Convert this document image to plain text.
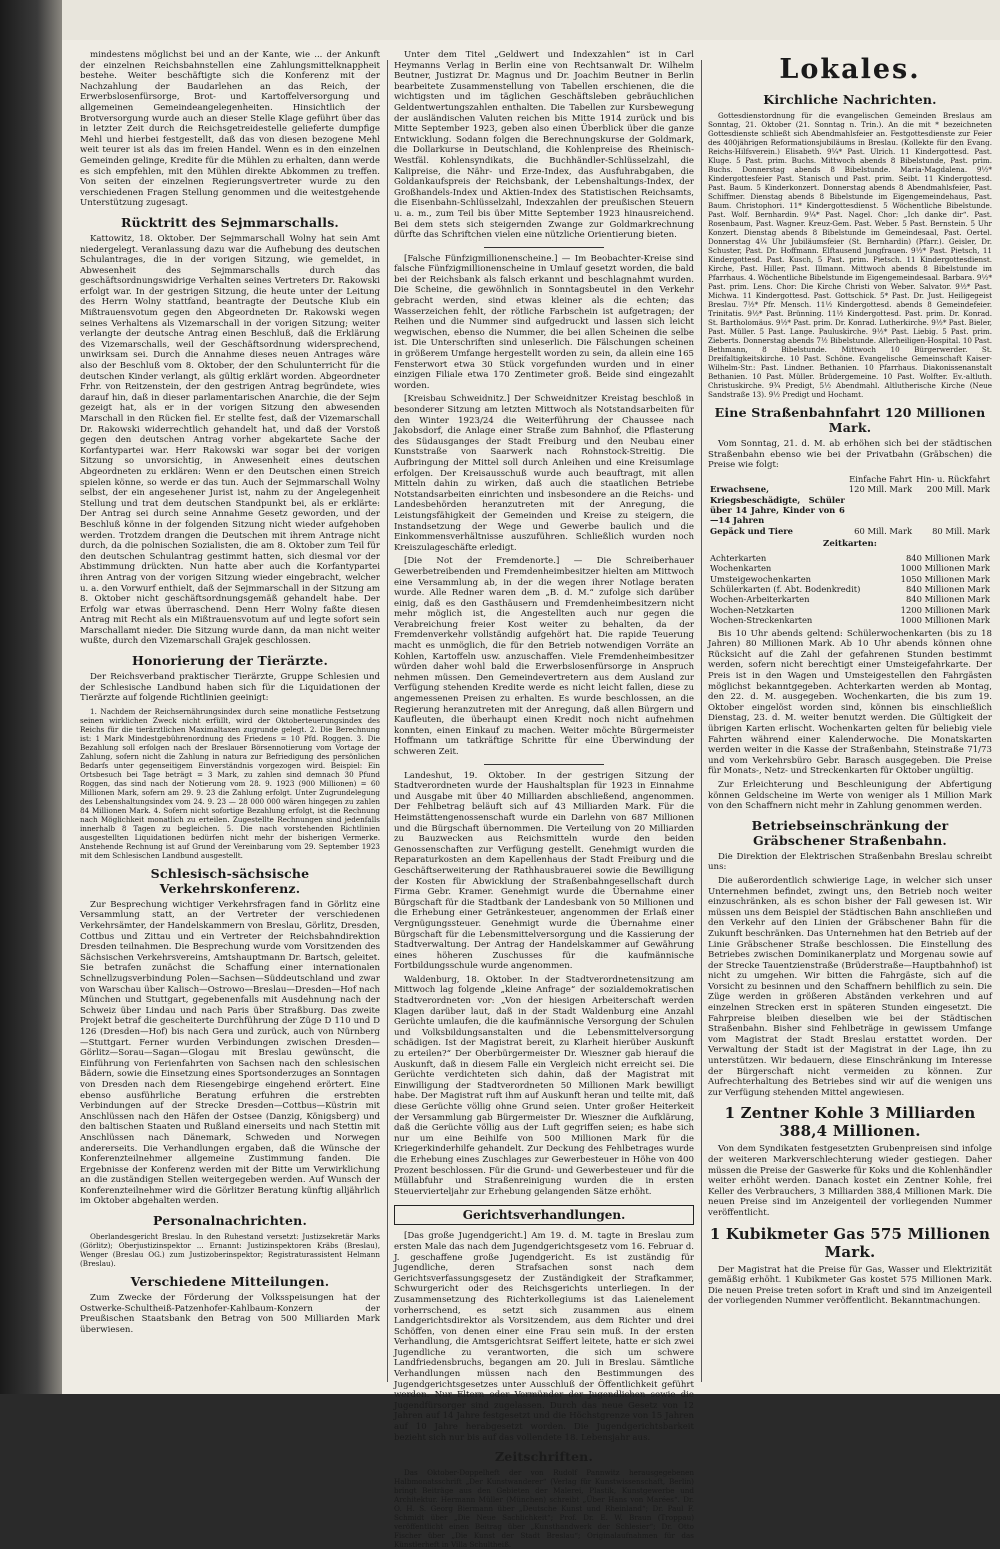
mindestens möglichst bei und an der Kante, wie ... der Ankunft der einzelnen Reichsbahnstellen eine Zahlungsmittelknappheit bestehe. Weiter beschäftigte sich die Konferenz mit der Nachzahlung der Baudarlehen an das Reich, der Erwerbslosenfürsorge, Brot- und Kartoffelversorgung und allgemeinen Gemeindeangelegenheiten. Hinsichtlich der Brotversorgung wurde auch an dieser Stelle Klage geführt über das in letzter Zeit durch die Reichsgetreidestelle gelieferte dumpfige Mehl und hierbei festgestellt, daß das von diesen bezogene Mehl weit teurer ist als das im freien Handel. Wenn es in den einzelnen Gemeinden gelinge, Kredite für die Mühlen zu erhalten, dann werde es sich empfehlen, mit den Mühlen direkte Abkommen zu treffen. Von seiten der einzelnen Regierungsvertreter wurde zu den verschiedenen Fragen Stellung genommen und die weitestgehende Unterstützung zugesagt.

Rücktritt des Sejmmarschalls.

Kattowitz, 18. Oktober. Der Sejmmarschall Wolny hat sein Amt niedergelegt. Veranlassung dazu war die Aufhebung des deutschen Schulantrages, die in der vorigen Sitzung, wie gemeldet, in Abwesenheit des Sejmmarschalls durch das geschäftsordnungswidrige Verhalten seines Vertreters Dr. Rakowski erfolgt war. In der gestrigen Sitzung, die heute unter der Leitung des Herrn Wolny stattfand, beantragte der Deutsche Klub ein Mißtrauensvotum gegen den Abgeordneten Dr. Rakowski wegen seines Verhaltens als Vizemarschall in der vorigen Sitzung; weiter verlangte der deutsche Antrag einen Beschluß, daß die Erklärung des Vizemarschalls, weil der Geschäftsordnung widersprechend, unwirksam sei. Durch die Annahme dieses neuen Antrages wäre also der Beschluß vom 8. Oktober, der den Schulunterricht für die deutschen Kinder verlangt, als gültig erklärt worden. Abgeordneter Frhr. von Reitzenstein, der den gestrigen Antrag begründete, wies darauf hin, daß in dieser parlamentarischen Anarchie, die der Sejm gezeigt hat, als er in der vorigen Sitzung den abwesenden Marschall in den Rücken fiel. Er stellte fest, daß der Vizemarschall Dr. Rakowski widerrechtlich gehandelt hat, und daß der Vorstoß gegen den deutschen Antrag vorher abgekartete Sache der Korfantypartei war. Herr Rakowski war sogar bei der vorigen Sitzung so unvorsichtig, in Anwesenheit eines deutschen Abgeordneten zu erklären: Wenn er den Deutschen einen Streich spielen könne, so werde er das tun. Auch der Sejmmarschall Wolny selbst, der ein angesehener Jurist ist, nahm zu der Angelegenheit Stellung und trat dem deutschen Standpunkt bei, als er erklärte: Der Antrag sei durch seine Annahme Gesetz geworden, und der Beschluß könne in der folgenden Sitzung nicht wieder aufgehoben werden. Trotzdem drangen die Deutschen mit ihrem Antrage nicht durch, da die polnischen Sozialisten, die am 8. Oktober zum Teil für den deutschen Schulantrag gestimmt hatten, sich diesmal vor der Abstimmung drückten. Nun hatte aber auch die Korfantypartei ihren Antrag von der vorigen Sitzung wieder eingebracht, welcher u. a. den Vorwurf enthielt, daß der Sejmmarschall in der Sitzung am 8. Oktober nicht geschäftsordnungsgemäß gehandelt habe. Der Erfolg war etwas überraschend. Denn Herr Wolny faßte diesen Antrag mit Recht als ein Mißtrauensvotum auf und legte sofort sein Marschallamt nieder. Die Sitzung wurde dann, da man nicht weiter wußte, durch den Vizemarschall Grajek geschlossen.

Honorierung der Tierärzte.

Der Reichsverband praktischer Tierärzte, Gruppe Schlesien und der Schlesische Landbund haben sich für die Liquidationen der Tierärzte auf folgende Richtlinien geeinigt:

1. Nachdem der Reichsernährungsindex durch seine monatliche Festsetzung seinen wirklichen Zweck nicht erfüllt, wird der Oktoberteuerungsindex des Reichs für die tierärztlichen Maximaltaxen zugrunde gelegt. 2. Die Berechnung ist: 1 Mark Mindestgebührenordnung des Friedens = 10 Pfd. Roggen. 3. Die Bezahlung soll erfolgen nach der Breslauer Börsennotierung vom Vortage der Zahlung, sofern nicht die Zahlung in natura zur Befriedigung des persönlichen Bedarfs unter gegenseitigem Einverständnis vorgezogen wird. Beispiel: Ein Ortsbesuch bei Tage beträgt = 3 Mark, zu zahlen sind demnach 30 Pfund Roggen, das sind nach der Notierung vom 28. 9. 1923 (900 Millionen) = 60 Millionen Mark, sofern am 29. 9. 23 die Zahlung erfolgt. Unter Zugrundelegung des Lebenshaltungsindex vom 24. 9. 23 — 28 000 000 wären hingegen zu zahlen 84 Millionen Mark. 4. Sofern nicht sofortige Bezahlung erfolgt, ist die Rechnung nach Möglichkeit monatlich zu erteilen. Zugestellte Rechnungen sind jedenfalls innerhalb 8 Tagen zu begleichen. 5. Die nach vorstehenden Richtlinien ausgestellten Liquidationen bedürfen nicht mehr der bisherigen Vermerke. Anstehende Rechnung ist auf Grund der Vereinbarung vom 29. September 1923 mit dem Schlesischen Landbund ausgestellt.

Schlesisch-sächsische Verkehrskonferenz.

Zur Besprechung wichtiger Verkehrsfragen fand in Görlitz eine Versammlung statt, an der Vertreter der verschiedenen Verkehrsämter, der Handelskammern von Breslau, Görlitz, Dresden, Cottbus und Zittau und ein Vertreter der Reichsbahndirektion Dresden teilnahmen. Die Besprechung wurde vom Vorsitzenden des Sächsischen Verkehrsvereins, Amtshauptmann Dr. Bartsch, geleitet. Sie betrafen zunächst die Schaffung einer internationalen Schnellzugsverbindung Polen—Sachsen—Süddeutschland und zwar von Warschau über Kalisch—Ostrowo—Breslau—Dresden—Hof nach München und Stuttgart, gegebenenfalls mit Ausdehnung nach der Schweiz über Lindau und nach Paris über Straßburg. Das zweite Projekt betraf die gescheiterte Durchführung der Züge D 110 und D 126 (Dresden—Hof) bis nach Gera und zurück, auch von Nürnberg—Stuttgart. Ferner wurden Verbindungen zwischen Dresden—Görlitz—Sorau—Sagan—Glogau mit Breslau gewünscht, die Einführung von Ferienfahrten von Sachsen nach den schlesischen Bädern, sowie die Einsetzung eines Sportsonderzuges an Sonntagen von Dresden nach dem Riesengebirge eingehend erörtert. Eine ebenso ausführliche Beratung erfuhren die erstrebten Verbindungen auf der Strecke Dresden—Cottbus—Küstrin mit Anschlüssen nach den Häfen der Ostsee (Danzig, Königsberg) und den baltischen Staaten und Rußland einerseits und nach Stettin mit Anschlüssen nach Dänemark, Schweden und Norwegen andererseits. Die Verhandlungen ergaben, daß die Wünsche der Konferenzteilnehmer allgemeine Zustimmung fanden. Die Ergebnisse der Konferenz werden mit der Bitte um Verwirklichung an die zuständigen Stellen weitergegeben werden. Auf Wunsch der Konferenzteilnehmer wird die Görlitzer Beratung künftig alljährlich im Oktober abgehalten werden.

Personalnachrichten.

Oberlandesgericht Breslau. In den Ruhestand versetzt: Justizsekretär Marks (Görlitz); Oberjustizinspektor ... Ernannt: Justizinspektoren Kräbs (Breslau), Wenger (Breslau OG.) zum Justizoberinspektor; Registraturassistent Helmann (Breslau).

Verschiedene Mitteilungen.

Zum Zwecke der Förderung der Volksspeisungen hat der Ostwerke-Schultheiß-Patzenhofer-Kahlbaum-Konzern der Preußischen Staatsbank den Betrag von 500 Milliarden Mark überwiesen.

Unter dem Titel „Geldwert und Indexzahlen“ ist in Carl Heymanns Verlag in Berlin eine von Rechtsanwalt Dr. Wilhelm Beutner, Justizrat Dr. Magnus und Dr. Joachim Beutner in Berlin bearbeitete Zusammenstellung von Tabellen erschienen, die die wichtigsten und im täglichen Geschäftsleben gebräuchlichen Geldentwertungszahlen enthalten. Die Tabellen zur Kursbewegung der ausländischen Valuten reichen bis Mitte 1914 zurück und bis Mitte September 1923, geben also einen Überblick über die ganze Entwicklung. Sodann folgen die Berechnungskurse der Goldmark, die Dollarkurse in Deutschland, die Kohlenpreise des Rheinisch-Westfäl. Kohlensyndikats, die Buchhändler-Schlüsselzahl, die Kalipreise, die Nähr- und Erze-Index, das Ausfuhrabgaben, die Goldankaufspreis der Reichsbank, der Lebenshaltungs-Index, der Großhandels-Index und Aktien-Index des Statistischen Reichsamts, die Eisenbahn-Schlüsselzahl, Indexzahlen der preußischen Steuern u. a. m., zum Teil bis über Mitte September 1923 hinausreichend. Bei dem stets sich steigernden Zwange zur Goldmarkrechnung dürfte das Schriftchen vielen eine nützliche Orientierung bieten.

[Falsche Fünfzigmillionenscheine.] — Im Beobachter-Kreise sind falsche Fünfzigmillionenscheine in Umlauf gesetzt worden, die bald bei der Reichsbank als falsch erkannt und beschlagnahmt wurden. Die Scheine, die gewöhnlich in Sonntagsbeutel in den Verkehr gebracht werden, sind etwas kleiner als die echten; das Wasserzeichen fehlt, der rötliche Farbschein ist aufgetragen; der Reihen und die Nummer sind aufgedruckt und lassen sich leicht wegwischen, ebenso die Nummer, die bei allen Scheinen die selbe ist. Die Unterschriften sind unleserlich. Die Fälschungen scheinen in größerem Umfange hergestellt worden zu sein, da allein eine 165 Fensterwort etwa 30 Stück vorgefunden wurden und in einer einzigen Filiale etwa 170 Zentimeter groß. Beide sind eingezahlt worden.

[Kreisbau Schweidnitz.] Der Schweidnitzer Kreistag beschloß in besonderer Sitzung am letzten Mittwoch als Notstandsarbeiten für den Winter 1923/24 die Weiterführung der Chaussee nach Jakobsdorf, die Anlage einer Straße zum Bahnhof, die Pflasterung des Südausganges der Stadt Freiburg und den Neubau einer Kunststraße von Saarwerk nach Rohnstock-Streitig. Die Aufbringung der Mittel soll durch Anleihen und eine Kreisumlage erfolgen. Der Kreisausschuß wurde auch beauftragt, mit allen Mitteln dahin zu wirken, daß auch die staatlichen Betriebe Notstandsarbeiten einrichten und insbesondere an die Reichs- und Landesbehörden heranzutreten mit der Anregung, die Leistungsfähigkeit der Gemeinden und Kreise zu steigern, die Instandsetzung der Wege und Gewerbe baulich und die Einkommensverhältnisse auszuführen. Schließlich wurden noch Kreiszulageschäfte erledigt.

[Die Not der Fremdenorte.] — Die Schreiberhauer Gewerbetreibenden und Fremdenheimbesitzer hielten am Mittwoch eine Versammlung ab, in der die wegen ihrer Notlage beraten wurde. Alle Redner waren dem „B. d. M.“ zufolge sich darüber einig, daß es den Gasthäusern und Fremdenheimbesitzern nicht mehr möglich ist, die Angestellten auch nur gegen die Verabreichung freier Kost weiter zu behalten, da der Fremdenverkehr vollständig aufgehört hat. Die rapide Teuerung macht es unmöglich, die für den Betrieb notwendigen Vorräte an Kohlen, Kartoffeln usw. anzuschaffen. Viele Fremdenheimbesitzer würden daher wohl bald die Erwerbslosenfürsorge in Anspruch nehmen müssen. Den Gemeindevertretern aus dem Ausland zur Verfügung stehenden Kredite werde es nicht leicht fallen, diese zu angemessenen Preisen zu erhalten. Es wurde beschlossen, an die Regierung heranzutreten mit der Anregung, daß allen Bürgern und Kaufleuten, die überhaupt einen Kredit noch nicht aufnehmen konnten, einen Einkauf zu machen. Weiter möchte Bürgermeister Hoffmann um tatkräftige Schritte für eine Überwindung der schweren Zeit.

Landeshut, 19. Oktober. In der gestrigen Sitzung der Stadtverordneten wurde der Haushaltsplan für 1923 in Einnahme und Ausgabe mit über 40 Milliarden abschließend, angenommen. Der Fehlbetrag beläuft sich auf 43 Milliarden Mark. Für die Heimstättengenossenschaft wurde ein Darlehn von 687 Millionen und die Bürgschaft übernommen. Die Verteilung von 20 Milliarden zu Bauzwecken aus Reichsmitteln wurde den beiden Genossenschaften zur Verfügung gestellt. Genehmigt wurden die Reparaturkosten an dem Kapellenhaus der Stadt Freiburg und die Geschäftserweiterung der Rathhausbrauerei sowie die Bewilligung der Kosten für Abwicklung der Straßenbahngesellschaft durch Firma Gebr. Kramer. Genehmigt wurde die Übernahme einer Bürgschaft für die Stadtbank der Landesbank von 50 Millionen und die Erhebung einer Getränkesteuer, angenommen der Erlaß einer Vergnügungssteuer. Genehmigt wurde die Übernahme einer Bürgschaft für die Lebensmittelversorgung und die Kassierung der Stadtverwaltung. Der Antrag der Handelskammer auf Gewährung eines höheren Zuschusses für die kaufmännische Fortbildungsschule wurde angenommen.

Waldenburg, 18. Oktober. In der Stadtverordnetensitzung am Mittwoch lag folgende „kleine Anfrage“ der sozialdemokratischen Stadtverordneten vor: „Von der hiesigen Arbeiterschaft werden Klagen darüber laut, daß in der Stadt Waldenburg eine Anzahl Gerüchte umlaufen, die die kaufmännische Versorgung der Schulen und Volksbildungsanstalten und die Lebensmittelversorgung schädigen. Ist der Magistrat bereit, zu Klarheit hierüber Auskunft zu erteilen?“ Der Oberbürgermeister Dr. Wieszner gab hierauf die Auskunft, daß in diesem Falle ein Vergleich nicht erreicht sei. Die Gerüchte verdichteten sich dahin, daß der Magistrat mit Einwilligung der Stadtverordneten 50 Millionen Mark bewilligt habe. Der Magistrat ruft ihm auf Auskunft heran und teilte mit, daß diese Gerüchte völlig ohne Grund seien. Unter großer Heiterkeit der Versammlung gab Bürgermeister Dr. Wieszner die Aufklärung, daß die Gerüchte völlig aus der Luft gegriffen seien; es habe sich nur um eine Beihilfe von 500 Millionen Mark für die Kriegerkinderhilfe gehandelt. Zur Deckung des Fehlbetrages wurde die Erhebung eines Zuschlages zur Gewerbesteuer in Höhe von 400 Prozent beschlossen. Für die Grund- und Gewerbesteuer und für die Müllabfuhr und Straßenreinigung wurden die in ersten Steuervierteljahr zur Erhebung gelangenden Sätze erhöht.

Gerichtsverhandlungen.

[Das große Jugendgericht.] Am 19. d. M. tagte in Breslau zum ersten Male das nach dem Jugendgerichtsgesetz vom 16. Februar d. J. geschaffene große Jugendgericht. Es ist zuständig für Jugendliche, deren Strafsachen sonst nach dem Gerichtsverfassungsgesetz der Zuständigkeit der Strafkammer, Schwurgericht oder des Reichsgerichts unterliegen. In der Zusammensetzung des Richterkollegiums ist das Laienelement vorherrschend, es setzt sich zusammen aus einem Landgerichtsdirektor als Vorsitzendem, aus dem Richter und drei Schöffen, von denen einer eine Frau sein muß. In der ersten Verhandlung, die Amtsgerichtsrat Seiffert leitete, hatte er sich zwei Jugendliche zu verantworten, die sich um schwere Landfriedensbruchs, begangen am 20. Juli in Breslau. Sämtliche Verhandlungen müssen nach den Bestimmungen des Jugendgerichtsgesetzes unter Ausschluß der Öffentlichkeit geführt werden. Nur Eltern oder Vormünder der Jugendlichen sowie die Jugendfürsorger sind zugelassen. Durch das neue Gesetz von 12 Jahren auf 14 Jahre festgesetzt und die Höchstgrenze von 15 Jahren auf 10 Jahre herabgesetzt worden. Die Jugendgerichtsbarkeit bezieht sich nur bis auf das vollendete 18. Lebensjahr aus.

Zeitschriften.

Das Oktober-Doppelheft der von Rudolf Pannwitz herausgegebenen Halbmonatsschrift „Der Kunstwanderer“ (Verlag für Kunstwissenschaft, Berlin) bringt Beiträge aus den Gebieten der Malerei, Plastik, Kunstgewerbe und Architektur. Hermann Müller (München) schreibt „Über Hans von Marées“. Dr. O. H. S. Georg Biermann über „Deutsche Kunst und Rheinland“; Dr. Paul F. Schmidt über „Die Neue Sachlichkeit“; Prof. Dr. E. W. Braun (Troppau) veröffentlicht einen Beitrag über „Kunsthandwerk der Schlesier“; Dr. Otto Fischer über „Die Kunst der Stadt Breslau“; Originalaufnahmen für das Künstlerheft in Villa Schultheiß.

Lokales.
Kirchliche Nachrichten.

Gottesdienstordnung für die evangelischen Gemeinden Breslaus am Sonntag, 21. Oktober (21. Sonntag n. Trin.). An die mit * bezeichneten Gottesdienste schließt sich Abendmahlsfeier an. Festgottesdienste zur Feier des 400jährigen Reformationsjubiläums in Breslau. (Kollekte für den Evang. Reichs-Hilfsverein.) Elisabeth. 9¼* Past. Ulrich. 11 Kindergottesd. Past. Kluge. 5 Past. prim. Buchs. Mittwoch abends 8 Bibelstunde, Past. prim. Buchs. Donnerstag abends 8 Bibelstunde. Maria-Magdalena. 9½* Kindergottesfeier Past. Stanisch und Past. prim. Seibt. 11 Kindergottesd. Past. Baum. 5 Kinderkonzert. Donnerstag abends 8 Abendmahlsfeier, Past. Schiffmer. Dienstag abends 8 Bibelstunde im Eigengemeindehaus, Past. Baum. Christophori. 11* Kindergottesdienst. 5 Wöchentliche Bibelstunde. Past. Wolf. Bernhardin. 9¼* Past. Nagel. Chor: „Ich danke dir“. Past. Rosenbaum, Past. Wagner. Kreuz-Gem. Past. Weber. 5 Past. Bernstein. 5 Uhr Konzert. Dienstag abends 8 Bibelstunde im Gemeindesaal, Past. Oertel. Donnerstag 4¼ Uhr Jubiläumsfeier (St. Bernhardin) (Pfarr.). Geisler, Dr. Schuster, Past. Dr. Hoffmann. Elftausend Jungfrauen. 9½* Past. Pietsch, 11 Kindergottesd. Past. Kusch, 5 Past. prim. Pietsch. 11 Kindergottesdienst. Kirche, Past. Hiller, Past. Illmann. Mittwoch abends 8 Bibelstunde im Pfarrhaus. 4. Wöchentliche Bibelstunde im Eigengemeindesaal. Barbara. 9½* Past. prim. Lens. Chor: Die Kirche Christi von Weber. Salvator. 9½* Past. Michwa. 11 Kindergottesd. Past. Gottschick. 5* Past. Dr. Just. Heiligegeist Breslau. 7½* Pfr. Mensch. 11½ Kindergottesd. abends 8 Gemeindefeier. Trinitatis. 9½* Past. Brünning. 11½ Kindergottesd. Past. prim. Dr. Konrad. St. Bartholomäus. 9½* Past. prim. Dr. Konrad. Lutherkirche. 9½* Past. Bieler, Past. Müller. 5 Past. Lange. Pauluskirche. 9½* Past. Liebig. 5 Past. prim. Zieberts. Donnerstag abends 7½ Bibelstunde. Allerheiligen-Hospital. 10 Past. Bethmann, 8 Bibelstunde. Mittwoch 10 Bürgerwerder. St. Dreifaltigkeitskirche. 10 Past. Schöne. Evangelische Gemeinschaft Kaiser-Wilhelm-Str.: Past. Lindner. Bethanien. 10 Pfarrhaus. Diakonissenanstalt Bethanien. 10 Past. Müller. Brüdergemeine. 10 Past. Wolfter. Ev.-altluth. Christuskirche. 9¾ Predigt, 5½ Abendmahl. Altlutherische Kirche (Neue Sandstraße 13). 9½ Predigt und Hochamt.

Eine Straßenbahnfahrt 120 Millionen Mark.

Vom Sonntag, 21. d. M. ab erhöhen sich bei der städtischen Straßenbahn ebenso wie bei der Privatbahn (Gräbschen) die Preise wie folgt:

	Einfache Fahrt	Hin- u. Rückfahrt
Erwachsene, Kriegsbeschädigte, Schüler über 14 Jahre, Kinder von 6—14 Jahren	120 Mill. Mark	200 Mill. Mark
Gepäck und Tiere	60 Mill. Mark	80 Mill. Mark

Zeitkarten:

Achterkarten	840 Millionen Mark
Wochenkarten	1000 Millionen Mark
Umsteigewochenkarten	1050 Millionen Mark
Schülerkarten (f. Abt. Bodenkredit)	840 Millionen Mark
Wochen-Arbeiterkarten	840 Millionen Mark
Wochen-Netzkarten	1200 Millionen Mark
Wochen-Streckenkarten	1000 Millionen Mark

Bis 10 Uhr abends geltend: Schülerwochenkarten (bis zu 18 Jahren) 80 Millionen Mark. Ab 10 Uhr abends können ohne Rücksicht auf die Zahl der gefahrenen Stunden bestimmt werden, sofern nicht berechtigt einer Umsteigefahrkarte. Der Preis ist in den Wagen und Umsteigestellen den Fahrgästen möglichst bekanntgegeben. Achterkarten werden ab Montag, den 22. d. M. ausgegeben. Wochenkarten, die bis zum 19. Oktober eingelöst worden sind, können bis einschließlich Dienstag, 23. d. M. weiter benutzt werden. Die Gültigkeit der übrigen Karten erlischt. Wochenkarten gelten für beliebig viele Fahrten während einer Kalenderwoche. Die Monatskarten werden weiter in die Kasse der Straßenbahn, Steinstraße 71/73 und vom Verkehrsbüro Gebr. Barasch ausgegeben. Die Preise für Monats-, Netz- und Streckenkarten für Oktober ungültig.

Zur Erleichterung und Beschleunigung der Abfertigung können Geldscheine im Werte von weniger als 1 Million Mark von den Schaffnern nicht mehr in Zahlung genommen werden.

Betriebseinschränkung der Gräbschener Straßenbahn.

Die Direktion der Elektrischen Straßenbahn Breslau schreibt uns:

Die außerordentlich schwierige Lage, in welcher sich unser Unternehmen befindet, zwingt uns, den Betrieb noch weiter einzuschränken, als es schon bisher der Fall gewesen ist. Wir müssen uns dem Beispiel der Städtischen Bahn anschließen und den Verkehr auf den Linien der Gräbschener Bahn für die Zukunft beschränken. Das Unternehmen hat den Betrieb auf der Linie Gräbschener Straße beschlossen. Die Einstellung des Betriebes zwischen Dominikanerplatz und Morgenau sowie auf der Strecke Tauentzienstraße (Brüderstraße—Hauptbahnhof) ist nicht zu umgehen. Wir bitten die Fahrgäste, sich auf die Vorsicht zu besinnen und den Schaffnern behilflich zu sein. Die Züge werden in größeren Abständen verkehren und auf einzelnen Strecken erst in späteren Stunden eingesetzt. Die Fahrpreise bleiben dieselben wie bei der Städtischen Straßenbahn. Bisher sind Fehlbeträge in gewissem Umfange vom Magistrat der Stadt Breslau erstattet worden. Der Verwaltung der Stadt ist der Magistrat in der Lage, ihn zu unterstützen. Wir bedauern, diese Einschränkung im Interesse der Bürgerschaft nicht vermeiden zu können. Zur Aufrechterhaltung des Betriebes sind wir auf die wenigen uns zur Verfügung stehenden Mittel angewiesen.

1 Zentner Kohle 3 Milliarden 388,4 Millionen.

Von dem Syndikaten festgesetzten Grubenpreisen sind infolge der weiteren Markverschlechterung wieder gestiegen. Daher müssen die Preise der Gaswerke für Koks und die Kohlenhändler weiter erhöht werden. Danach kostet ein Zentner Kohle, frei Keller des Verbrauchers, 3 Milliarden 388,4 Millionen Mark. Die neuen Preise sind im Anzeigenteil der vorliegenden Nummer veröffentlicht.

1 Kubikmeter Gas 575 Millionen Mark.

Der Magistrat hat die Preise für Gas, Wasser und Elektrizität gemäßig erhöht. 1 Kubikmeter Gas kostet 575 Millionen Mark. Die neuen Preise treten sofort in Kraft und sind im Anzeigenteil der vorliegenden Nummer veröffentlicht. Bekanntmachungen.
